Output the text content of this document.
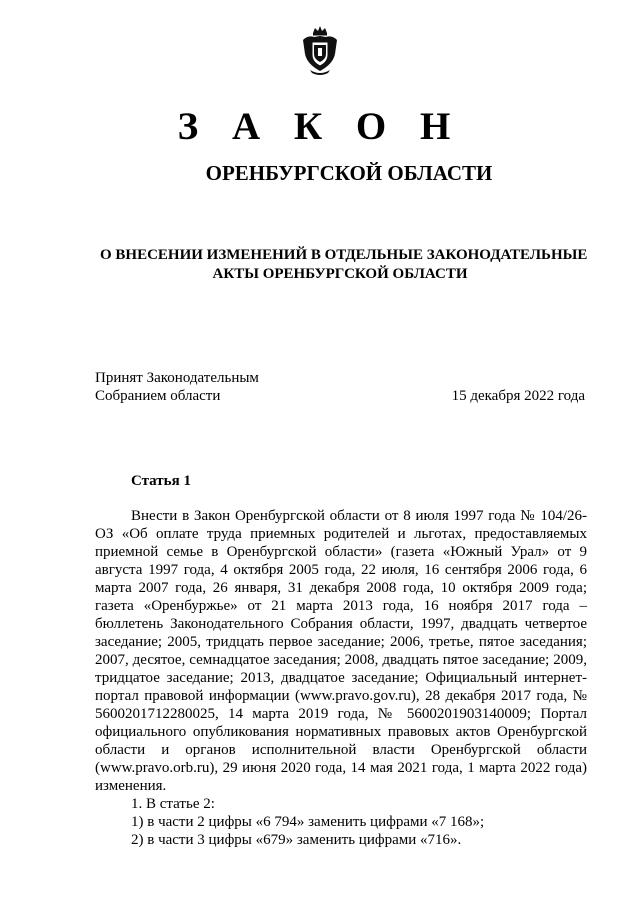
З А К О Н
ОРЕНБУРГСКОЙ ОБЛАСТИ
О ВНЕСЕНИИ ИЗМЕНЕНИЙ В ОТДЕЛЬНЫЕ ЗАКОНОДАТЕЛЬНЫЕ
АКТЫ ОРЕНБУРГСКОЙ ОБЛАСТИ
Принят Законодательным
Собранием области	15 декабря 2022 года
Статья 1

Внести в Закон Оренбургской области от 8 июля 1997 года № 104/26-ОЗ «Об оплате труда приемных родителей и льготах, предоставляемых приемной семье в Оренбургской области» (газета «Южный Урал» от 9 августа 1997 года, 4 октября 2005 года, 22 июля, 16 сентября 2006 года, 6 марта 2007 года, 26 января, 31 декабря 2008 года, 10 октября 2009 года; газета «Оренбуржье» от 21 марта 2013 года, 16 ноября 2017 года – бюллетень Законодательного Собрания области, 1997, двадцать четвертое заседание; 2005, тридцать первое заседание; 2006, третье, пятое заседания; 2007, десятое, семнадцатое заседания; 2008, двадцать пятое заседание; 2009, тридцатое заседание; 2013, двадцатое заседание; Официальный интернет-портал правовой информации (www.pravo.gov.ru), 28 декабря 2017 года, № 5600201712280025, 14 марта 2019 года, № 5600201903140009; Портал официального опубликования нормативных правовых актов Оренбургской области и органов исполнительной власти Оренбургской области (www.pravo.orb.ru), 29 июня 2020 года, 14 мая 2021 года, 1 марта 2022 года) изменения.

1. В статье 2:

1) в части 2 цифры «6 794» заменить цифрами «7 168»;

2) в части 3 цифры «679» заменить цифрами «716».
